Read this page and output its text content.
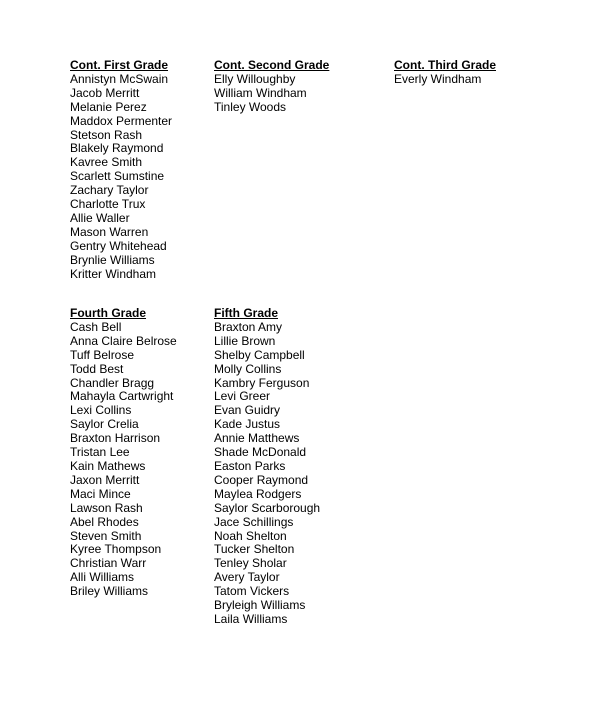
Cont. First Grade
Annistyn McSwain
Jacob Merritt
Melanie Perez
Maddox Permenter
Stetson Rash
Blakely Raymond
Kavree Smith
Scarlett Sumstine
Zachary Taylor
Charlotte Trux
Allie Waller
Mason Warren
Gentry Whitehead
Brynlie Williams
Kritter Windham
Cont. Second Grade
Elly Willoughby
William Windham
Tinley Woods
Cont. Third Grade
Everly Windham
Fourth Grade
Cash Bell
Anna Claire Belrose
Tuff Belrose
Todd Best
Chandler Bragg
Mahayla Cartwright
Lexi Collins
Saylor Crelia
Braxton Harrison
Tristan Lee
Kain Mathews
Jaxon Merritt
Maci Mince
Lawson Rash
Abel Rhodes
Steven Smith
Kyree Thompson
Christian Warr
Alli Williams
Briley Williams
Fifth Grade
Braxton Amy
Lillie Brown
Shelby Campbell
Molly Collins
Kambry Ferguson
Levi Greer
Evan Guidry
Kade Justus
Annie Matthews
Shade McDonald
Easton Parks
Cooper Raymond
Maylea Rodgers
Saylor Scarborough
Jace Schillings
Noah Shelton
Tucker Shelton
Tenley Sholar
Avery Taylor
Tatom Vickers
Bryleigh Williams
Laila Williams
